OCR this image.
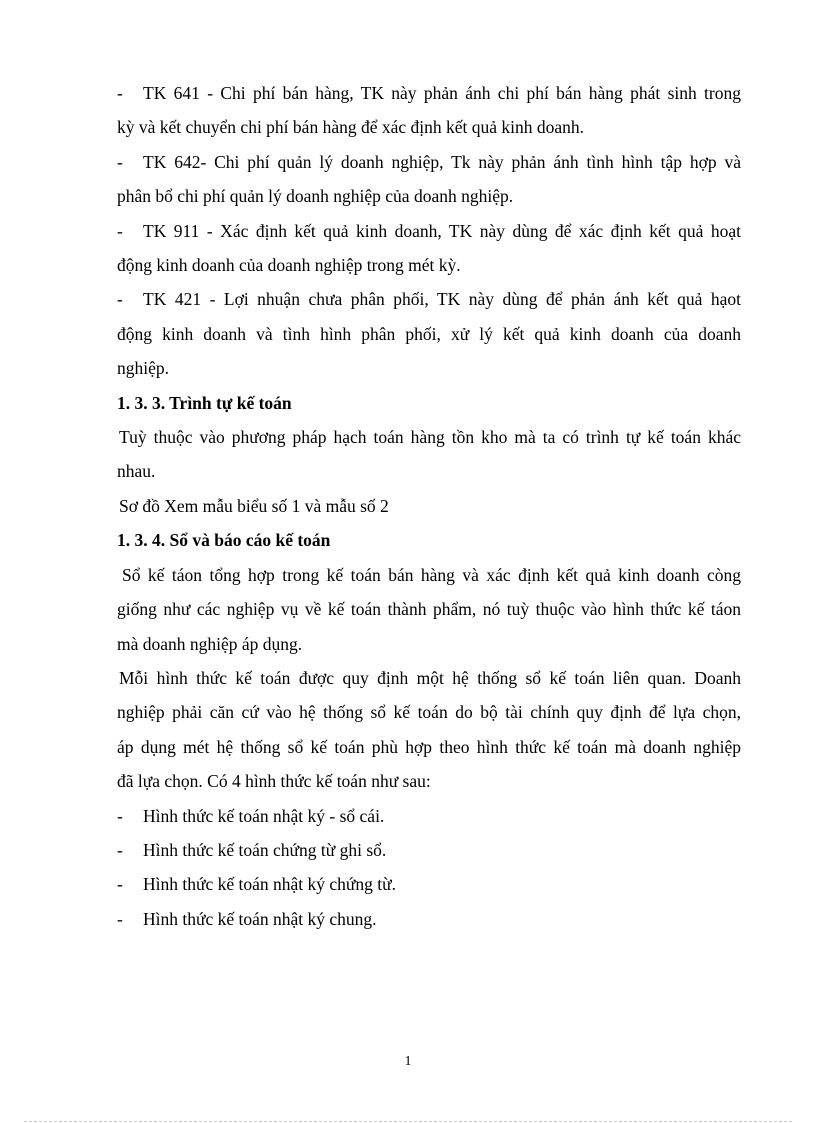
-	TK 641 - Chi phí bán hàng, TK này phản ánh chi phí bán hàng phát sinh trong

kỳ và kết chuyển chi phí bán hàng để xác định kết quả kinh doanh.

-	TK 642- Chi phí quản lý doanh nghiệp, Tk này phản ánh tình hình tập hợp và

phân bổ chi phí quản lý doanh nghiệp của doanh nghiệp.

-	TK 911 - Xác định kết quả kinh doanh, TK này dùng để xác định kết quả hoạt

động kinh doanh của doanh nghiệp trong mét kỳ.

-	TK 421 - Lợi nhuận chưa phân phối, TK này dùng để phản ánh kết quả hạot

động kinh doanh và tình hình phân phối, xử lý kết quả kinh doanh của doanh

nghiệp.

1. 3. 3. Trình tự kế toán

Tuỳ thuộc vào phương pháp hạch toán hàng tồn kho mà ta có trình tự kế toán khác

nhau.

Sơ đồ Xem mẫu biểu số 1 và mẫu số 2

1. 3. 4. Sổ và báo cáo kế toán

Sổ kế táon tổng hợp trong kế toán bán hàng và xác định kết quả kinh doanh còng

giống như các nghiệp vụ về kế toán thành phẩm, nó tuỳ thuộc vào hình thức kế táon

mà doanh nghiệp áp dụng.

Mỗi hình thức kế toán được quy định một hệ thống sổ kế toán liên quan. Doanh

nghiệp phải căn cứ vào hệ thống sổ kế toán do bộ tài chính quy định để lựa chọn,

áp dụng mét hệ thống sổ kế toán phù hợp theo hình thức kế toán mà doanh nghiệp

đã lựa chọn. Có 4 hình thức kế toán như sau:

-	Hình thức kế toán nhật ký - sổ cái.
-	Hình thức kế toán chứng từ ghi sổ.
-	Hình thức kế toán nhật ký chứng từ.
-	Hình thức kế toán nhật ký chung.
1
